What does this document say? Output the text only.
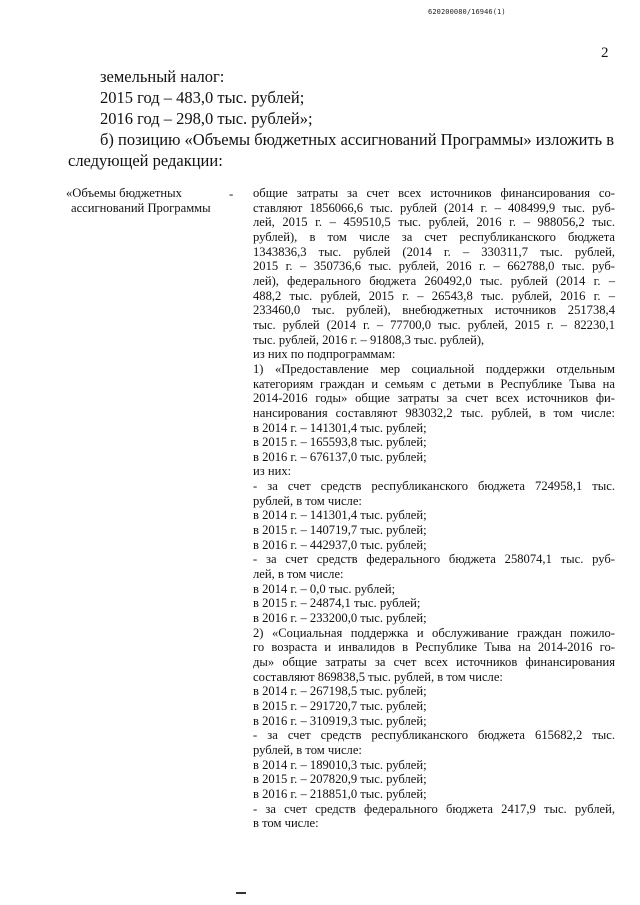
620200080/16946(1)
2
земельный налог:
2015 год – 483,0 тыс. рублей;
2016 год – 298,0 тыс. рублей»;
б) позицию «Объемы бюджетных ассигнований Программы» изложить в
следующей редакции:
«Объемы бюджетных
ассигнований Программы
- общие затраты за счет всех источников финансирования со-
ставляют 1856066,6 тыс. рублей (2014 г. – 408499,9 тыс. руб-
лей, 2015 г. – 459510,5 тыс. рублей, 2016 г. – 988056,2 тыс.
рублей), в том числе за счет республиканского бюджета
1343836,3 тыс. рублей (2014 г. – 330311,7 тыс. рублей,
2015 г. – 350736,6 тыс. рублей, 2016 г. – 662788,0 тыс. руб-
лей), федерального бюджета 260492,0 тыс. рублей (2014 г. –
488,2 тыс. рублей, 2015 г. – 26543,8 тыс. рублей, 2016 г. –
233460,0 тыс. рублей), внебюджетных источников 251738,4
тыс. рублей (2014 г. – 77700,0 тыс. рублей, 2015 г. – 82230,1
тыс. рублей, 2016 г. – 91808,3 тыс. рублей),
из них по подпрограммам:
1) «Предоставление мер социальной поддержки отдельным
категориям граждан и семьям с детьми в Республике Тыва на
2014-2016 годы» общие затраты за счет всех источников фи-
нансирования составляют 983032,2 тыс. рублей, в том числе:
в 2014 г. – 141301,4 тыс. рублей;
в 2015 г. – 165593,8 тыс. рублей;
в 2016 г. – 676137,0 тыс. рублей;
из них:
- за счет средств республиканского бюджета 724958,1 тыс.
рублей, в том числе:
в 2014 г. – 141301,4 тыс. рублей;
в 2015 г. – 140719,7 тыс. рублей;
в 2016 г. – 442937,0 тыс. рублей;
- за счет средств федерального бюджета 258074,1 тыс. руб-
лей, в том числе:
в 2014 г. – 0,0 тыс. рублей;
в 2015 г. – 24874,1 тыс. рублей;
в 2016 г. – 233200,0 тыс. рублей;
2) «Социальная поддержка и обслуживание граждан пожило-
го возраста и инвалидов в Республике Тыва на 2014-2016 го-
ды» общие затраты за счет всех источников финансирования
составляют 869838,5 тыс. рублей, в том числе:
в 2014 г. – 267198,5 тыс. рублей;
в 2015 г. – 291720,7 тыс. рублей;
в 2016 г. – 310919,3 тыс. рублей;
- за счет средств республиканского бюджета 615682,2 тыс.
рублей, в том числе:
в 2014 г. – 189010,3 тыс. рублей;
в 2015 г. – 207820,9 тыс. рублей;
в 2016 г. – 218851,0 тыс. рублей;
- за счет средств федерального бюджета 2417,9 тыс. рублей,
в том числе:
